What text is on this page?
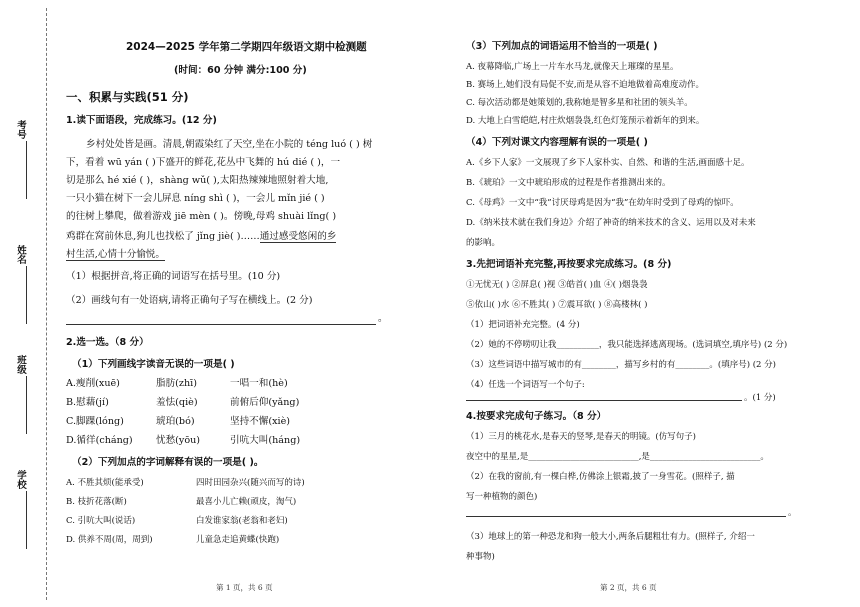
考号
姓名
班级
学校
2024—2025 学年第二学期四年级语文期中检测题
(时间：60 分钟 满分:100 分)
一、积累与实践(51 分)
1.读下面语段，完成练习。(12 分)
乡村处处皆是画。清晨,朝霞染红了天空,坐在小院的 téng luó ( ) 树
下，看着 wū yán ( )下盛开的鲜花,花丛中飞舞的 hú dié ( )，一
切是那么 hé xié ( )，shàng wǔ( ),太阳热辣辣地照射着大地,
一只小猫在树下一会儿屏息 níng shì ( )，一会儿 mǐn jié ( )
的往树上攀爬，做着游戏 jiē mèn ( )。傍晚,母鸡 shuài lǐng( )
鸡群在窝前休息,狗儿也找松了 jǐng jiè( )……通过感受悠闲的乡
村生活,心情十分愉悦。
（1）根据拼音,将正确的词语写在括号里。(10 分)
（2）画线句有一处语病,请将正确句子写在横线上。(2 分)
。
2.选一选。（8 分）
（1）下列画线字读音无误的一项是( )
A.瘦削(xuē)	脂肪(zhī)	一唱一和(hè)
B.慰藉(jí)	羞怯(qiè)	前俯后仰(yǎng)
C.脚踝(lóng)	琥珀(bó)	坚持不懈(xiè)
D.循徉(cháng) 忧愁(yōu)	引吭大叫(háng)
（2）下列加点的字词解释有误的一项是( )。
A. 不胜其烦(能承受)	四时田园杂兴(随兴而写的诗)
B. 枝折花落(断)	最喜小儿亡赖(顽皮，淘气)
C. 引吭大叫(说话)	白发谁家翁(老翁和老妇)
D. 供养不周(周，周到)	儿童急走追黄蝶(快跑)
第 1 页，共 6 页
（3）下列加点的词语运用不恰当的一项是( )
A. 夜幕降临,广场上一片车水马龙,就像天上璀璨的星星。
B. 赛场上,她们没有局促不安,而是从容不迫地做着高难度动作。
C. 每次活动都是她策划的,我称她是智多星和社团的领头羊。
D. 大地上白雪皑皑,村庄炊烟袅袅,红色灯笼预示着新年的到来。
（4）下列对课文内容理解有误的一项是( )
A.《乡下人家》一文展现了乡下人家朴实、自然、和谐的生活,画面感十足。
B.《琥珀》一文中琥珀形成的过程是作者推测出来的。
C.《母鸡》一文中“我”讨厌母鸡是因为“我”在幼年时受到了母鸡的惊吓。
D.《纳米技术就在我们身边》介绍了神奇的纳米技术的含义、运用以及对未来
的影响。
3.先把词语补充完整,再按要求完成练习。(8 分)
①无忧无( ) ②屏息( )视 ③皓首( )血 ④( )烟袅袅
⑤依山( )水 ⑥不胜其( ) ⑦震耳欲( ) ⑧高楼林( )
（1）把词语补充完整。(4 分)
（2）她的不停唠叨让我__________，我只能选择逃离现场。(选词填空,填序号) (2 分)
（3）这些词语中描写城市的有________，描写乡村的有________。(填序号) (2 分)
（4）任选一个词语写一个句子:
。(1 分)
4.按要求完成句子练习。（8 分）
（1）三月的桃花水,是春天的竖琴,是春天的明镜。(仿写句子)
夜空中的星星,是__________________________,是__________________________。
（2）在我的窗前,有一棵白桦,仿佛涂上银霜,披了一身雪花。(照样子, 描
写一种植物的颜色)
。
（3）地球上的第一种恐龙和狗一般大小,两条后腿粗壮有力。(照样子, 介绍一
种事物)
第 2 页，共 6 页
